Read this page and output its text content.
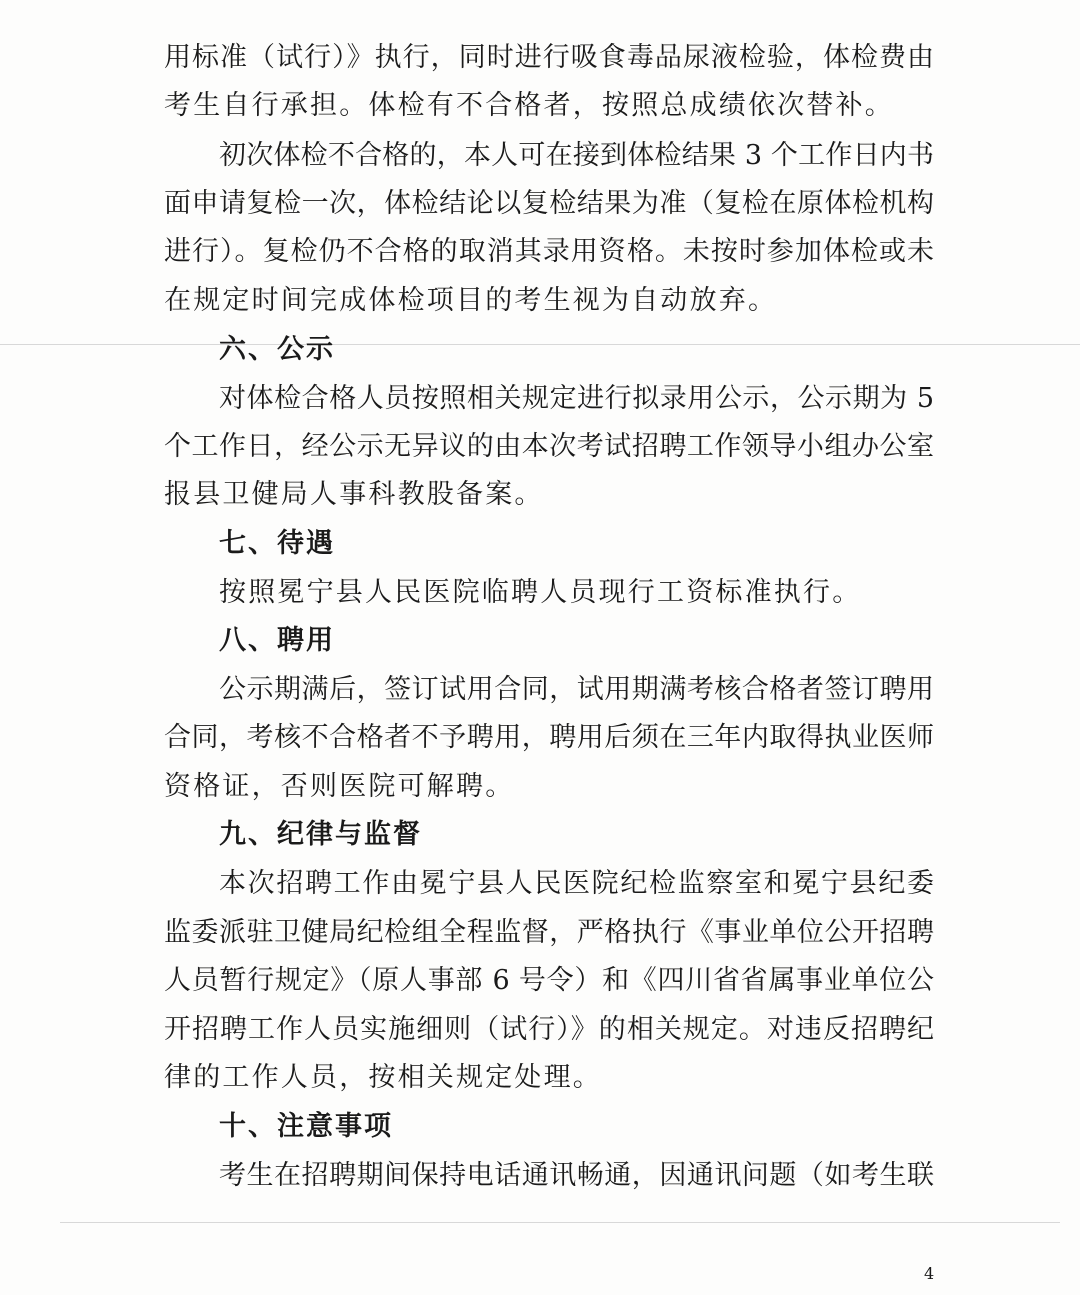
用标准（试行）》执行，同时进行吸食毒品尿液检验，体检费由
考生自行承担。体检有不合格者，按照总成绩依次替补。
初次体检不合格的，本人可在接到体检结果 3 个工作日内书
面申请复检一次，体检结论以复检结果为准（复检在原体检机构
进行）。复检仍不合格的取消其录用资格。未按时参加体检或未
在规定时间完成体检项目的考生视为自动放弃。
六、公示
对体检合格人员按照相关规定进行拟录用公示，公示期为 5
个工作日，经公示无异议的由本次考试招聘工作领导小组办公室
报县卫健局人事科教股备案。
七、待遇
按照冕宁县人民医院临聘人员现行工资标准执行。
八、聘用
公示期满后，签订试用合同，试用期满考核合格者签订聘用
合同，考核不合格者不予聘用，聘用后须在三年内取得执业医师
资格证，否则医院可解聘。
九、纪律与监督
本次招聘工作由冕宁县人民医院纪检监察室和冕宁县纪委
监委派驻卫健局纪检组全程监督，严格执行《事业单位公开招聘
人员暂行规定》（原人事部 6 号令）和《四川省省属事业单位公
开招聘工作人员实施细则（试行）》的相关规定。对违反招聘纪
律的工作人员，按相关规定处理。
十、注意事项
考生在招聘期间保持电话通讯畅通，因通讯问题（如考生联
4
